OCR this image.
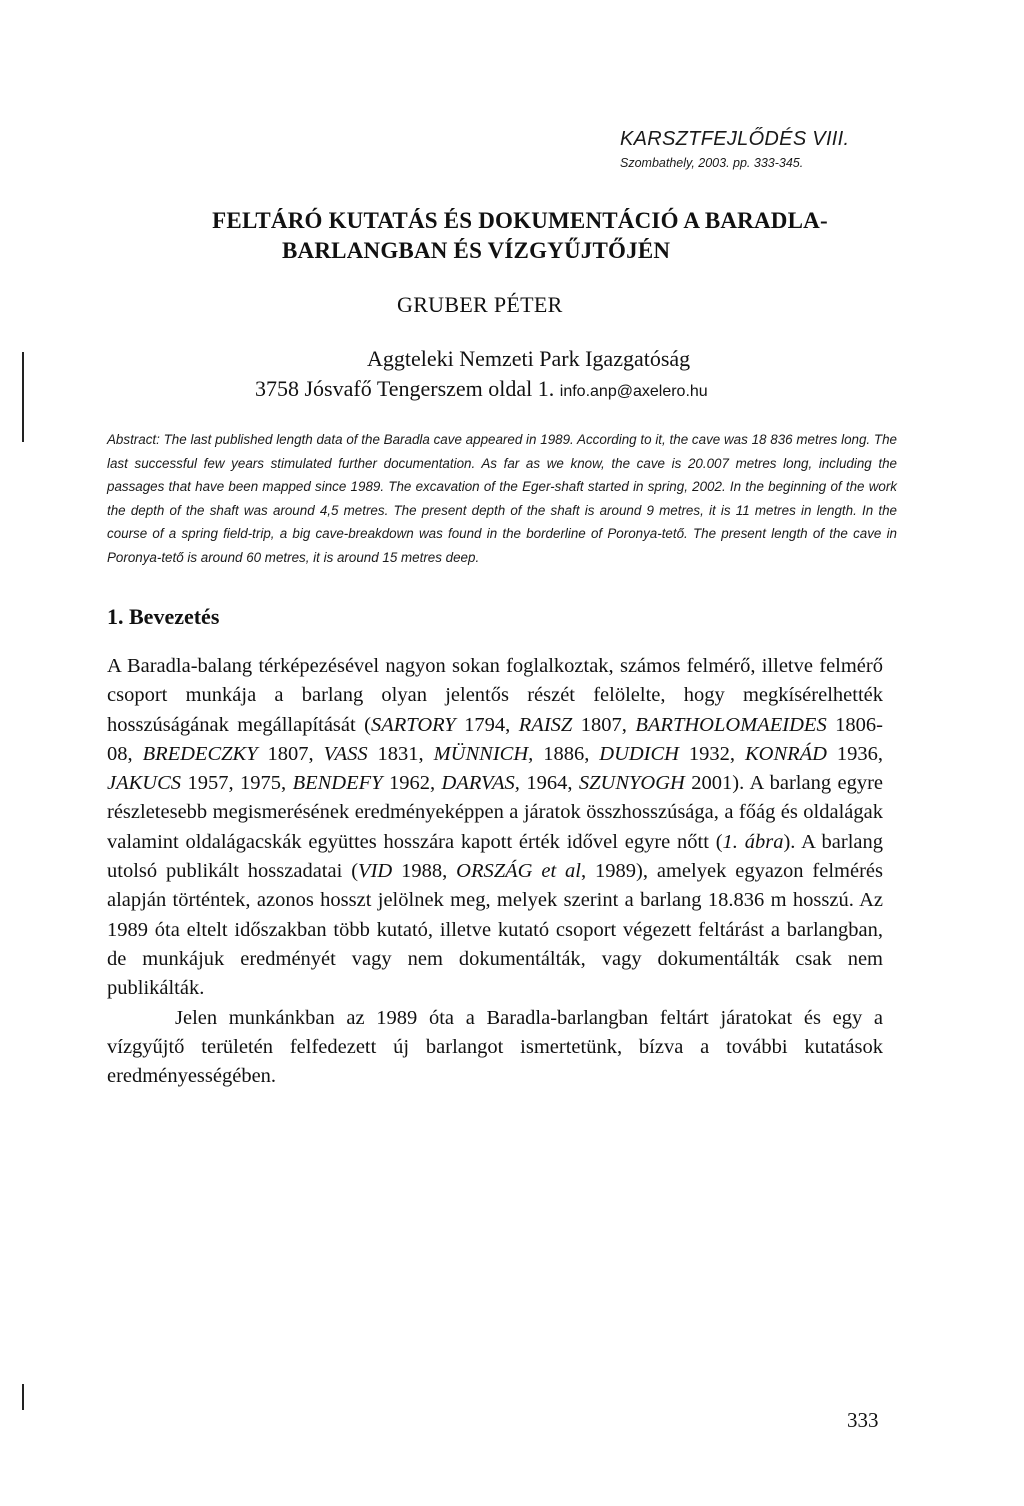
KARSZTFEJLŐDÉS VIII.
Szombathely, 2003. pp. 333-345.
FELTÁRÓ KUTATÁS ÉS DOKUMENTÁCIÓ A BARADLA-
BARLANGBAN ÉS VÍZGYŰJTŐJÉN
GRUBER PÉTER
Aggteleki Nemzeti Park Igazgatóság
3758 Jósvafő Tengerszem oldal 1. info.anp@axelero.hu
Abstract: The last published length data of the Baradla cave appeared in 1989. According to it, the cave was 18 836 metres long. The last successful few years stimulated further documentation. As far as we know, the cave is 20.007 metres long, including the passages that have been mapped since 1989. The excavation of the Eger-shaft started in spring, 2002. In the beginning of the work the depth of the shaft was around 4,5 metres. The present depth of the shaft is around 9 metres, it is 11 metres in length. In the course of a spring field-trip, a big cave-breakdown was found in the borderline of Poronya-tető. The present length of the cave in Poronya-tető is around 60 metres, it is around 15 metres deep.
1. Bevezetés

A Baradla-balang térképezésével nagyon sokan foglalkoztak, számos felmérő, illetve felmérő csoport munkája a barlang olyan jelentős részét felölelte, hogy megkísérelhették hosszúságának megállapítását (SARTORY 1794, RAISZ 1807, BARTHOLOMAEIDES 1806-08, BREDECZKY 1807, VASS 1831, MÜNNICH, 1886, DUDICH 1932, KONRÁD 1936, JAKUCS 1957, 1975, BENDEFY 1962, DARVAS, 1964, SZUNYOGH 2001). A barlang egyre részletesebb megismerésének eredményeképpen a járatok összhosszúsága, a főág és oldalágak valamint oldalágacskák együttes hosszára kapott érték idővel egyre nőtt (1. ábra). A barlang utolsó publikált hosszadatai (VID 1988, ORSZÁG et al, 1989), amelyek egyazon felmérés alapján történtek, azonos hosszt jelölnek meg, melyek szerint a barlang 18.836 m hosszú. Az 1989 óta eltelt időszakban több kutató, illetve kutató csoport végezett feltárást a barlangban, de munkájuk eredményét vagy nem dokumentálták, vagy dokumentálták csak nem publikálták.

Jelen munkánkban az 1989 óta a Baradla-barlangban feltárt járatokat és egy a vízgyűjtő területén felfedezett új barlangot ismertetünk, bízva a további kutatások eredményességében.

333
